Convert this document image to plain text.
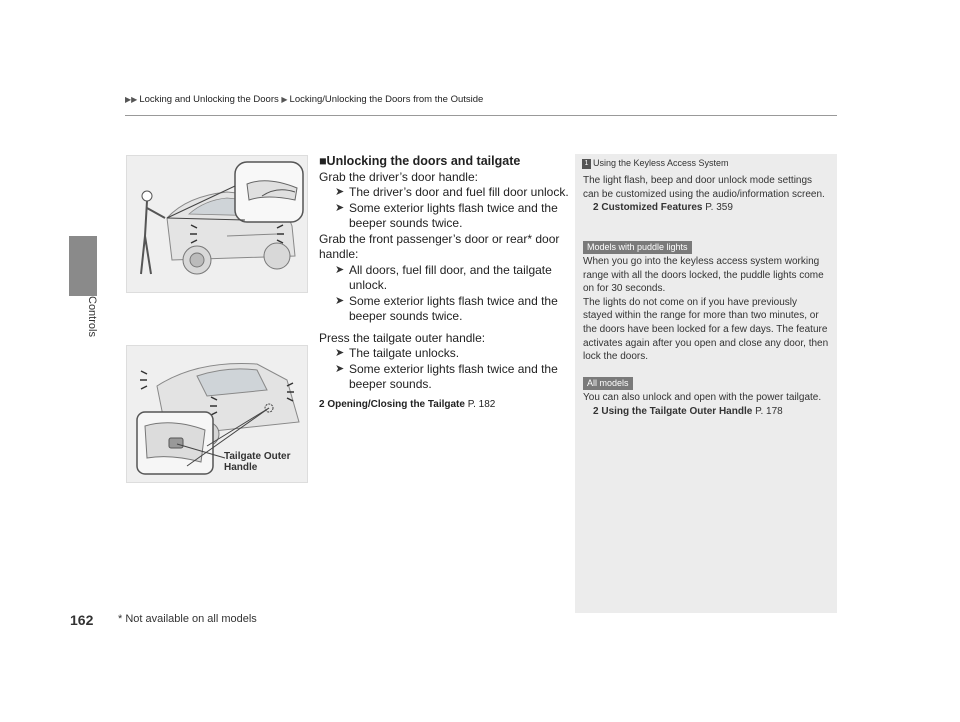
▶▶ Locking and Unlocking the Doors ▶ Locking/Unlocking the Doors from the Outside
Controls
Tailgate Outer Handle
■Unlocking the doors and tailgate

Grab the driver’s door handle:

➤ The driver’s door and fuel fill door unlock.
➤ Some exterior lights flash twice and the beeper sounds twice.

Grab the front passenger’s door or rear* door handle:

➤ All doors, fuel fill door, and the tailgate unlock.
➤ Some exterior lights flash twice and the beeper sounds twice.

Press the tailgate outer handle:

➤ The tailgate unlocks.
➤ Some exterior lights flash twice and the beeper sounds.
2 Opening/Closing the Tailgate P. 182
1 Using the Keyless Access System
The light flash, beep and door unlock mode settings can be customized using the audio/information screen.
2 Customized Features P. 359
Models with puddle lights
When you go into the keyless access system working range with all the doors locked, the puddle lights come on for 30 seconds.
The lights do not come on if you have previously stayed within the range for more than two minutes, or the doors have been locked for a few days. The feature activates again after you open and close any door, then lock the doors.
All models
You can also unlock and open with the power tailgate.
2 Using the Tailgate Outer Handle P. 178
162 * Not available on all models
